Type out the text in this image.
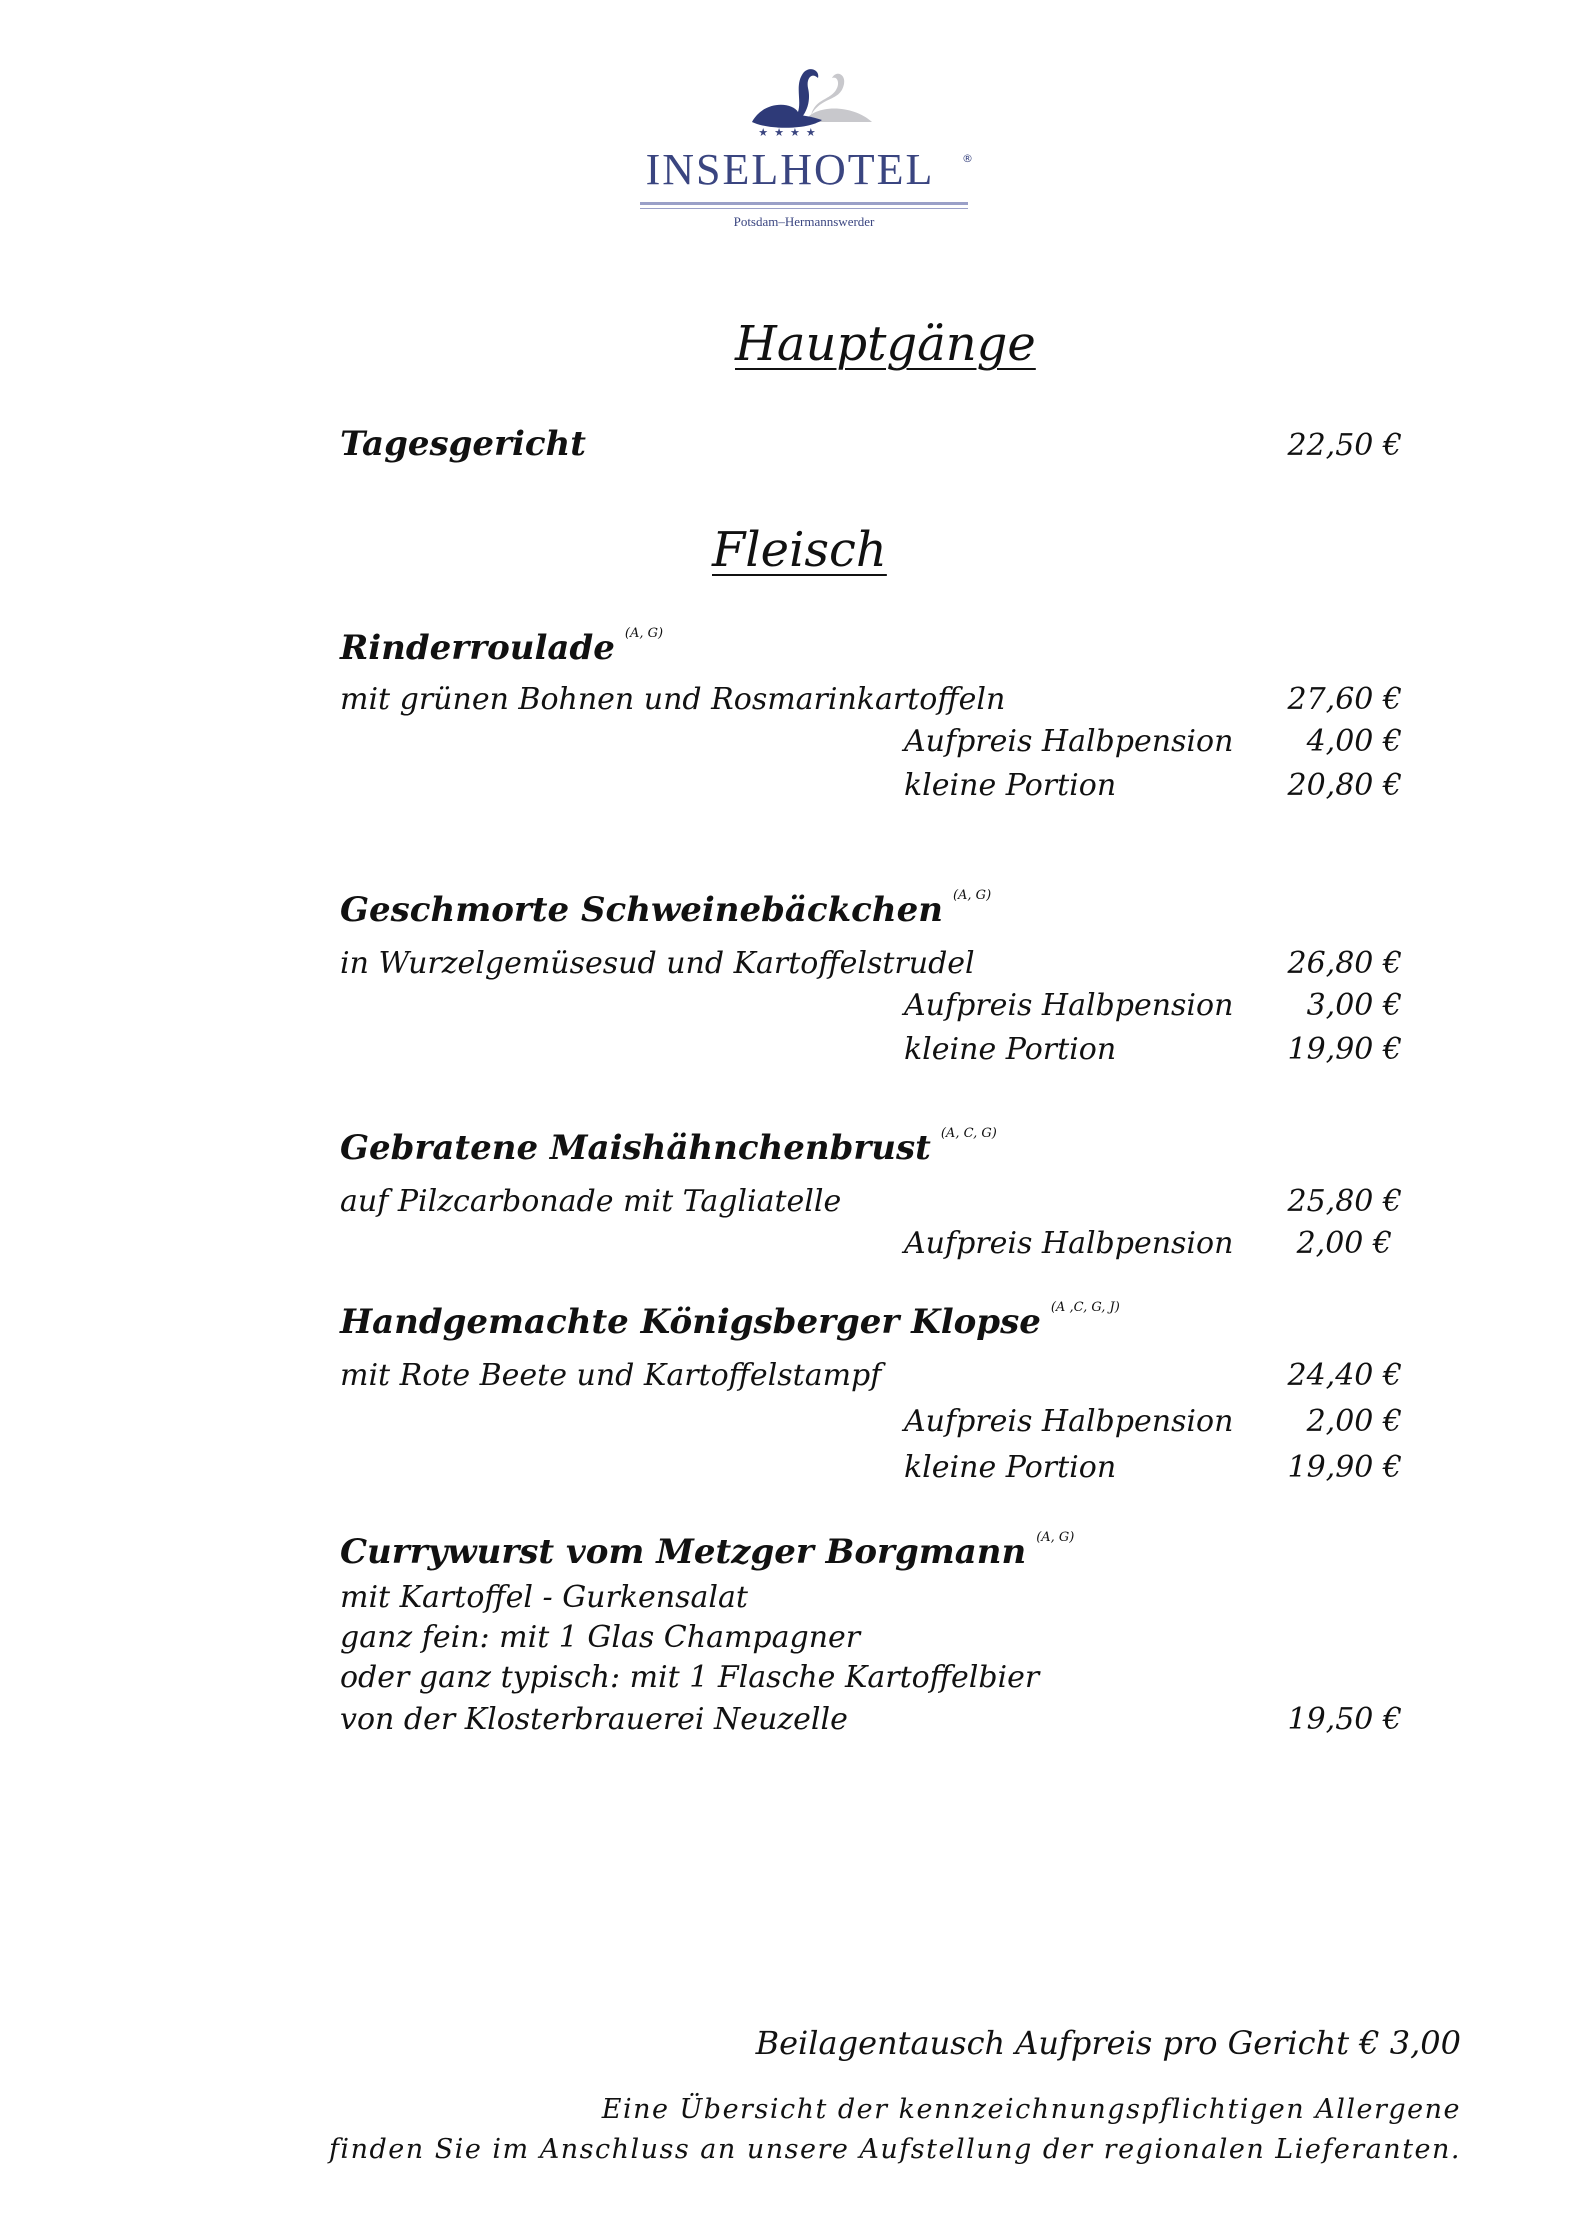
★★★★
INSELHOTEL	®
Potsdam–Hermannswerder
Hauptgänge
Tagesgericht	22,50 €
Fleisch
Rinderroulade $^{(A, G)}$
mit grünen Bohnen und Rosmarinkartoffeln	27,60 €
Aufpreis Halbpension	4,00 €
kleine Portion	20,80 €
Geschmorte Schweinebäckchen $^{(A, G)}$
in Wurzelgemüsesud und Kartoffelstrudel	26,80 €
Aufpreis Halbpension	3,00 €
kleine Portion	19,90 €
Gebratene Maishähnchenbrust $^{(A, C, G)}$
auf Pilzcarbonade mit Tagliatelle	25,80 €
Aufpreis Halbpension	2,00 €
Handgemachte Königsberger Klopse $^{(A ,C, G, J)}$
mit Rote Beete und Kartoffelstampf	24,40 €
Aufpreis Halbpension	2,00 €
kleine Portion	19,90 €
Currywurst vom Metzger Borgmann $^{(A, G)}$
mit Kartoffel - Gurkensalat
ganz fein: mit 1 Glas Champagner
oder ganz typisch: mit 1 Flasche Kartoffelbier
von der Klosterbrauerei Neuzelle	19,50 €
Beilagentausch Aufpreis pro Gericht € 3,00
Eine Übersicht der kennzeichnungspflichtigen Allergene
finden Sie im Anschluss an unsere Aufstellung der regionalen Lieferanten.
